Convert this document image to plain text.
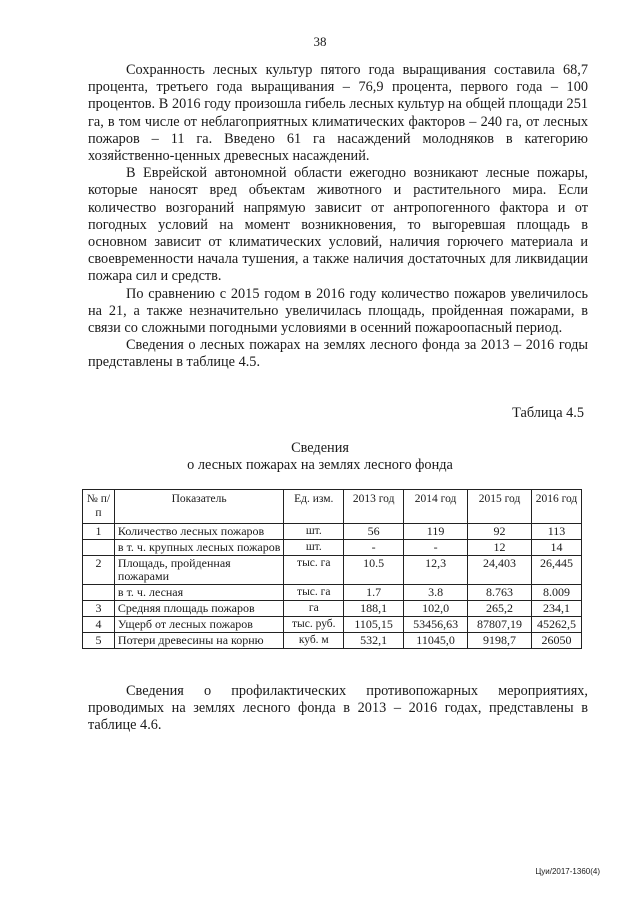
38

Сохранность лесных культур пятого года выращивания составила 68,7 процента, третьего года выращивания – 76,9 процента, первого года – 100 процентов. В 2016 году произошла гибель лесных культур на общей площади 251 га, в том числе от неблагоприятных климатических факторов – 240 га, от лесных пожаров – 11 га. Введено 61 га насаждений молодняков в категорию хозяйственно-ценных древесных насаждений.

В Еврейской автономной области ежегодно возникают лесные пожары, которые наносят вред объектам животного и растительного мира. Если количество возгораний напрямую зависит от антропогенного фактора и от погодных условий на момент возникновения, то выгоревшая площадь в основном зависит от климатических условий, наличия горючего материала и своевременности начала тушения, а также наличия достаточных для ликвидации пожара сил и средств.

По сравнению с 2015 годом в 2016 году количество пожаров увеличилось на 21, а также незначительно увеличилась площадь, пройденная пожарами, в связи со сложными погодными условиями в осенний пожароопасный период.

Сведения о лесных пожарах на землях лесного фонда за 2013 – 2016 годы представлены в таблице 4.5.

Таблица 4.5
Сведения
о лесных пожарах на землях лесного фонда
№ п/п	Показатель	Ед. изм.	2013 год	2014 год	2015 год	2016 год
1	Количество лесных пожаров	шт.	56	119	92	113
	в т. ч. крупных лесных пожаров	шт.	-	-	12	14
2	Площадь, пройденная пожарами	тыс. га	10.5	12,3	24,403	26,445
	в т. ч. лесная	тыс. га	1.7	3.8	8.763	8.009
3	Средняя площадь пожаров	га	188,1	102,0	265,2	234,1
4	Ущерб от лесных пожаров	тыс. руб.	1105,15	53456,63	87807,19	45262,5
5	Потери древесины на корню	куб. м	532,1	11045,0	9198,7	26050

Сведения о профилактических противопожарных мероприятиях, проводимых на землях лесного фонда в 2013 – 2016 годах, представлены в таблице 4.6.

Цуи/2017-1360(4)
